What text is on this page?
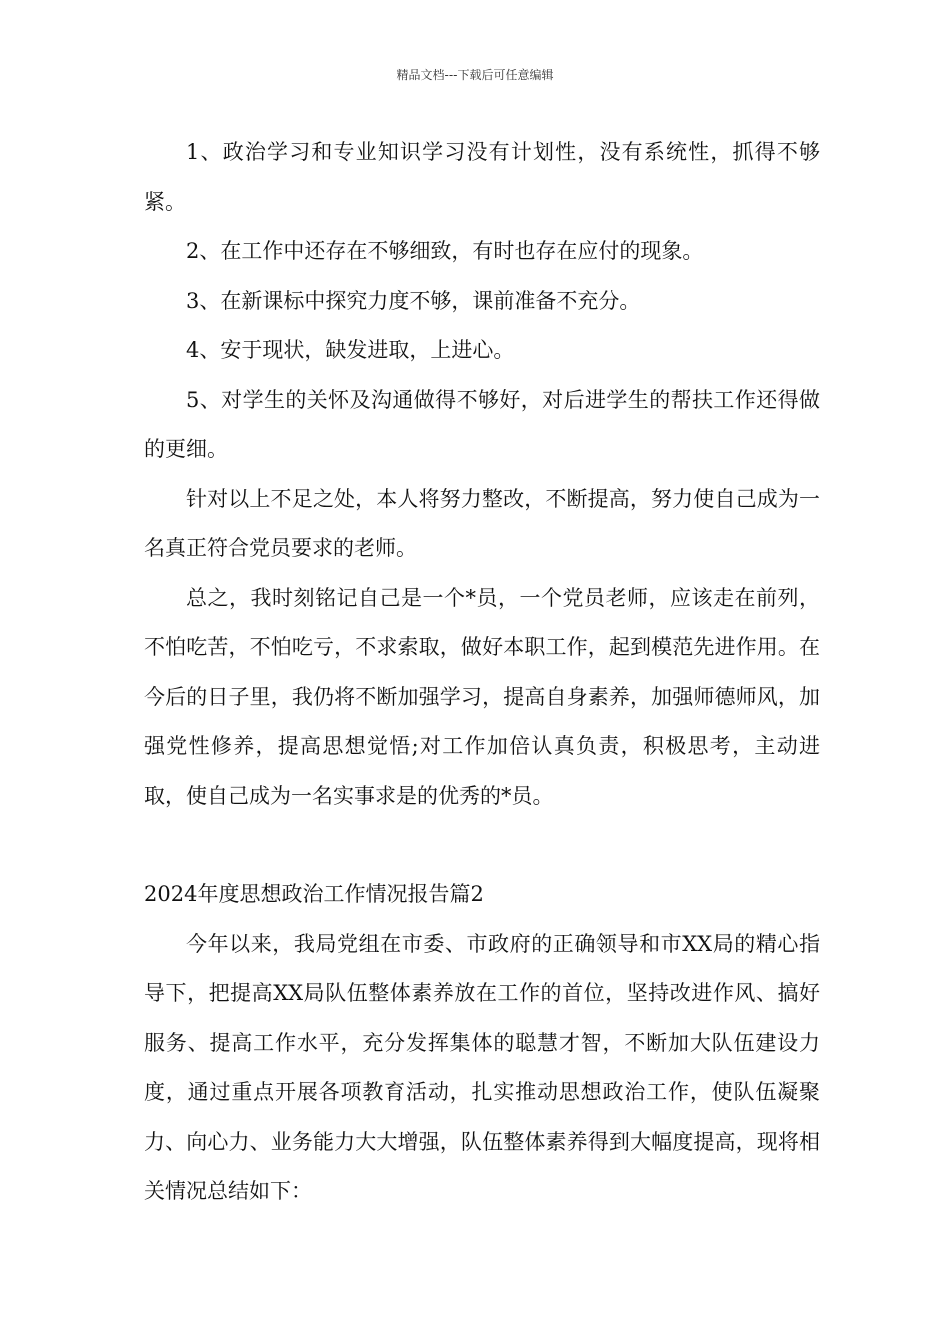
精品文档---下载后可任意编辑

1、政治学习和专业知识学习没有计划性，没有系统性，抓得不够紧。

2、在工作中还存在不够细致，有时也存在应付的现象。

3、在新课标中探究力度不够，课前准备不充分。

4、安于现状，缺发进取，上进心。

5、对学生的关怀及沟通做得不够好，对后进学生的帮扶工作还得做的更细。

针对以上不足之处，本人将努力整改，不断提高，努力使自己成为一名真正符合党员要求的老师。

总之，我时刻铭记自己是一个*员，一个党员老师，应该走在前列，不怕吃苦，不怕吃亏，不求索取，做好本职工作，起到模范先进作用。在今后的日子里，我仍将不断加强学习，提高自身素养，加强师德师风，加强党性修养，提高思想觉悟;对工作加倍认真负责，积极思考，主动进取，使自己成为一名实事求是的优秀的*员。

2024年度思想政治工作情况报告篇2

今年以来，我局党组在市委、市政府的正确领导和市XX局的精心指导下，把提高XX局队伍整体素养放在工作的首位，坚持改进作风、搞好服务、提高工作水平，充分发挥集体的聪慧才智，不断加大队伍建设力度，通过重点开展各项教育活动，扎实推动思想政治工作，使队伍凝聚力、向心力、业务能力大大增强，队伍整体素养得到大幅度提高，现将相关情况总结如下：
